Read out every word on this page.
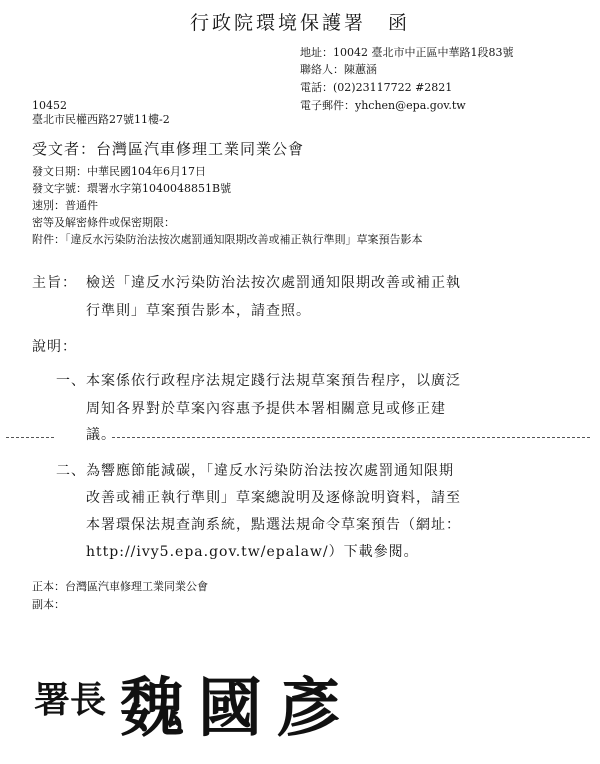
行政院環境保護署　函
地址：10042 臺北市中正區中華路1段83號
聯絡人：陳蕙涵
電話：(02)23117722 #2821
電子郵件：yhchen@epa.gov.tw
10452
臺北市民權西路27號11樓-2
受文者：台灣區汽車修理工業同業公會
發文日期：中華民國104年6月17日
發文字號：環署水字第1040048851B號
速別：普通件
密等及解密條件或保密期限：
附件：「違反水污染防治法按次處罰通知限期改善或補正執行準則」草案預告影本
主旨： 檢送「違反水污染防治法按次處罰通知限期改善或補正執
行準則」草案預告影本，請查照。
說明：
一、 本案係依行政程序法規定踐行法規草案預告程序，以廣泛
周知各界對於草案內容惠予提供本署相關意見或修正建
議。
二、 為響應節能減碳，「違反水污染防治法按次處罰通知限期
改善或補正執行準則」草案總說明及逐條說明資料，請至
本署環保法規查詢系統，點選法規命令草案預告（網址：
http://ivy5.epa.gov.tw/epalaw/）下載參閱。
正本：台灣區汽車修理工業同業公會
副本：
署長 魏國彥
